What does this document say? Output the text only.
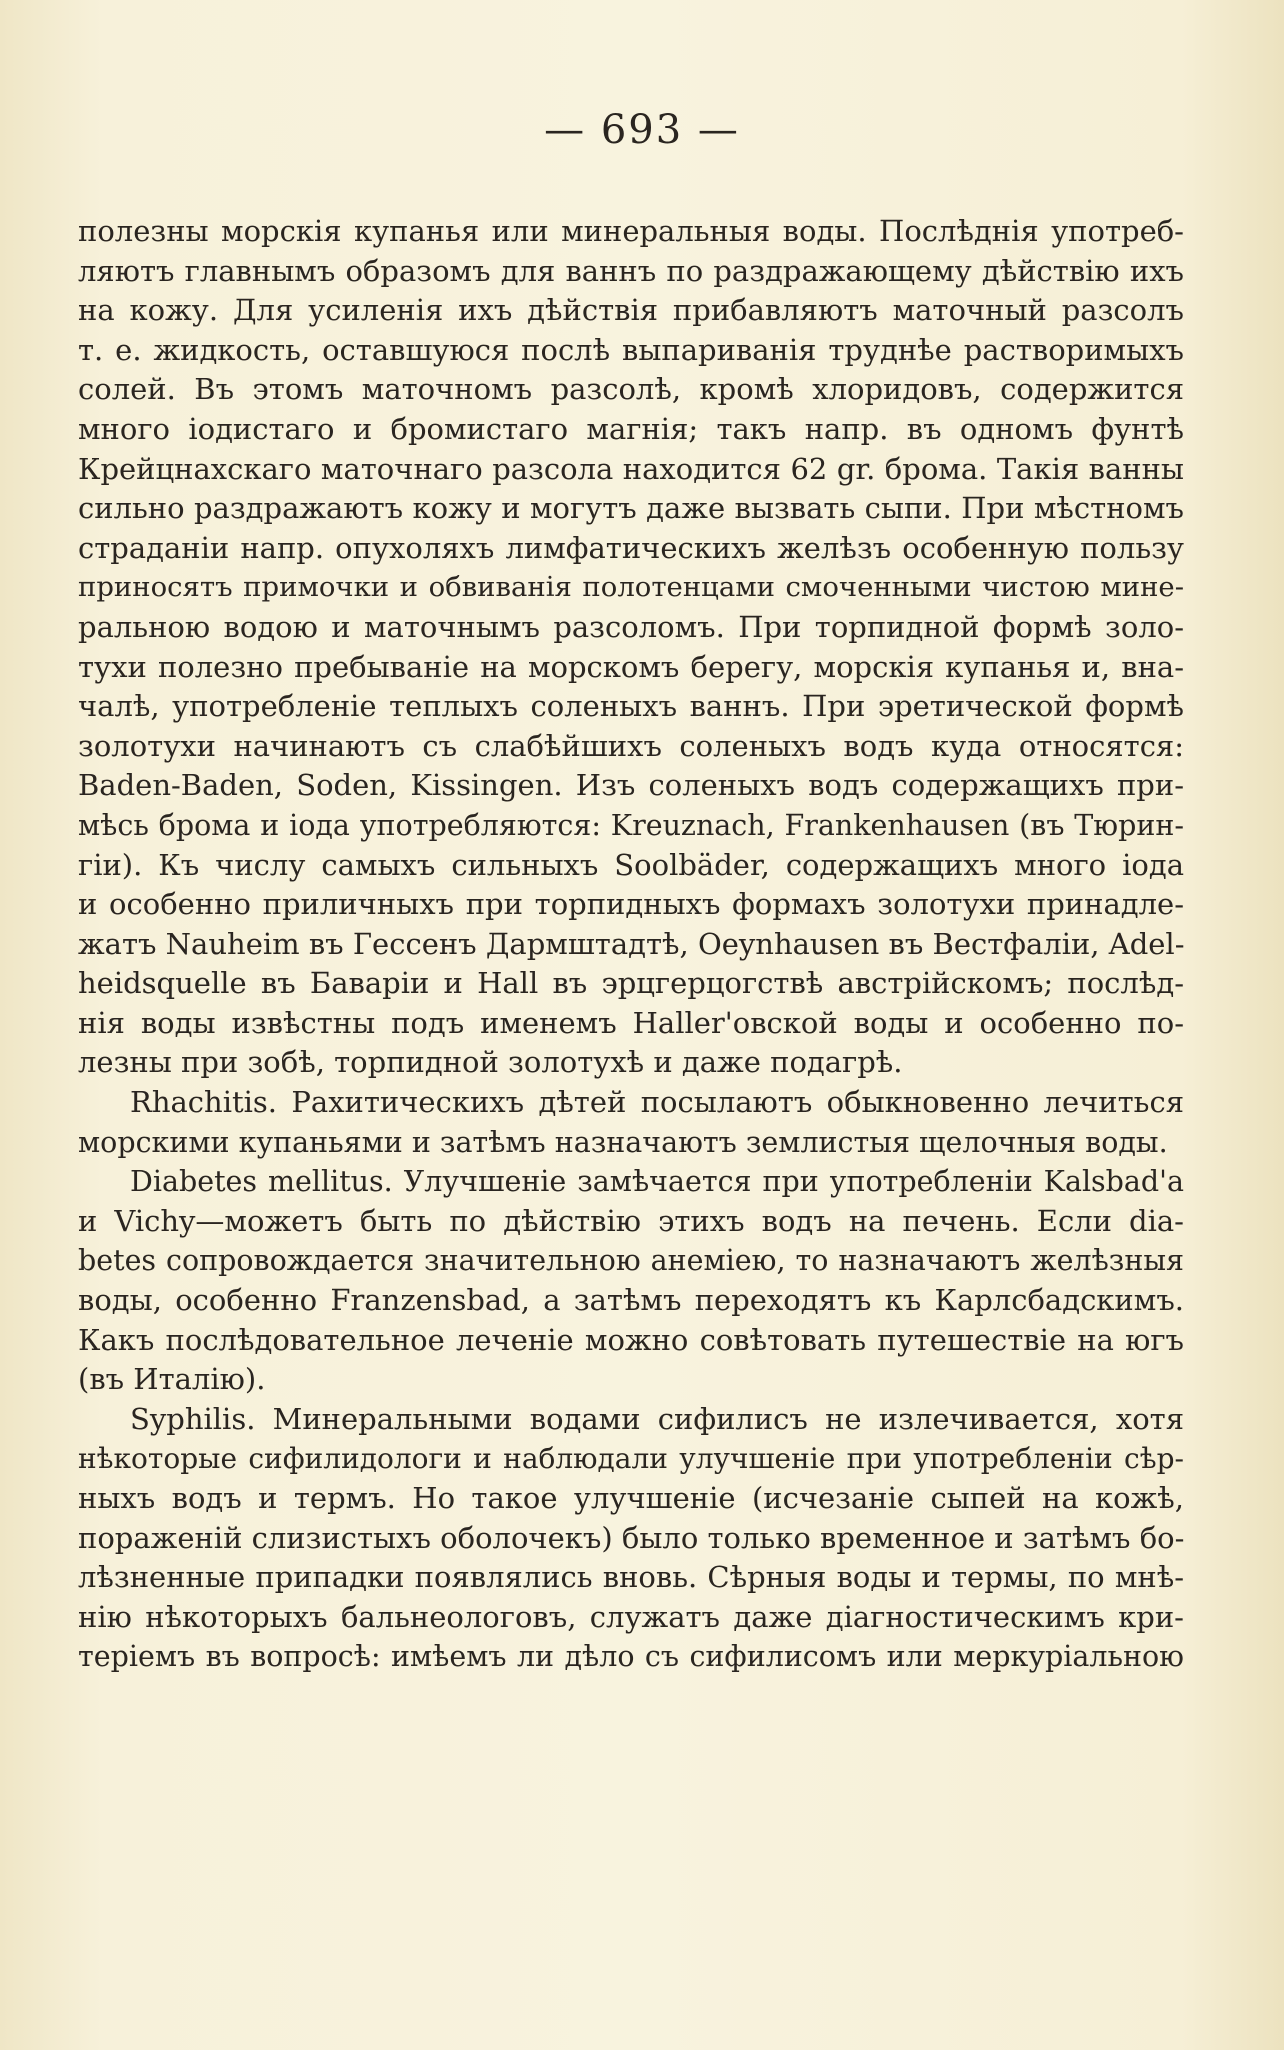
— 693 —
полезны морскія купанья или минеральныя воды. Послѣднія употреб-
ляютъ главнымъ образомъ для ваннъ по раздражающему дѣйствію ихъ
на кожу. Для усиленія ихъ дѣйствія прибавляютъ маточный разсолъ
т. е. жидкость, оставшуюся послѣ выпариванія труднѣе растворимыхъ
солей. Въ этомъ маточномъ разсолѣ, кромѣ хлоридовъ, содержится
много іодистаго и бромистаго магнія; такъ напр. въ одномъ фунтѣ
Крейцнахскаго маточнаго разсола находится 62 gr. брома. Такія ванны
сильно раздражаютъ кожу и могутъ даже вызвать сыпи. При мѣстномъ
страданіи напр. опухоляхъ лимфатическихъ желѣзъ особенную пользу
приносятъ примочки и обвиванія полотенцами смоченными чистою мине-
ральною водою и маточнымъ разсоломъ. При торпидной формѣ золо-
тухи полезно пребываніе на морскомъ берегу, морскія купанья и, вна-
чалѣ, употребленіе теплыхъ соленыхъ ваннъ. При эретической формѣ
золотухи начинаютъ съ слабѣйшихъ соленыхъ водъ куда относятся:
Baden-Baden, Soden, Kissingen. Изъ соленыхъ водъ содержащихъ при-
мѣсь брома и іода употребляются: Kreuznach, Frankenhausen (въ Тюрин-
гіи). Къ числу самыхъ сильныхъ Soolbäder, содержащихъ много іода
и особенно приличныхъ при торпидныхъ формахъ золотухи принадле-
жатъ Nauheim въ Гессенъ Дармштадтѣ, Oeynhausen въ Вестфаліи, Adel-
heidsquelle въ Баваріи и Hall въ эрцгерцогствѣ австрійскомъ; послѣд-
нія воды извѣстны подъ именемъ Haller'овской воды и особенно по-
лезны при зобѣ, торпидной золотухѣ и даже подагрѣ.
Rhachitis. Рахитическихъ дѣтей посылаютъ обыкновенно лечиться
морскими купаньями и затѣмъ назначаютъ землистыя щелочныя воды.
Diabetes mellitus. Улучшеніе замѣчается при употребленіи Kalsbad'a
и Vichy—можетъ быть по дѣйствію этихъ водъ на печень. Если dia-
betes сопровождается значительною анеміею, то назначаютъ желѣзныя
воды, особенно Franzensbad, а затѣмъ переходятъ къ Карлсбадскимъ.
Какъ послѣдовательное леченіе можно совѣтовать путешествіе на югъ
(въ Италію).
Syphilis. Минеральными водами сифилисъ не излечивается, хотя
нѣкоторые сифилидологи и наблюдали улучшеніе при употребленіи сѣр-
ныхъ водъ и термъ. Но такое улучшеніе (исчезаніе сыпей на кожѣ,
пораженій слизистыхъ оболочекъ) было только временное и затѣмъ бо-
лѣзненные припадки появлялись вновь. Сѣрныя воды и термы, по мнѣ-
нію нѣкоторыхъ бальнеологовъ, служатъ даже діагностическимъ кри-
теріемъ въ вопросѣ: имѣемъ ли дѣло съ сифилисомъ или меркуріальною
